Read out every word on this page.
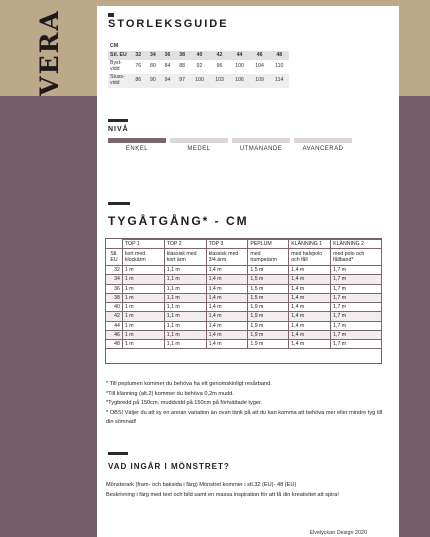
VERA	STORLEKSGUIDE
CM									
Stl. EU	32	34	36	38	40	42	44	46	48
Byst-vidd	76	80	84	88	92	96	100	104	110
Stuss-vidd	86	90	94	97	100	103	106	109	114
NIVÅ
ENKEL	MEDEL	UTMANANDE	AVANCERAD
TYGÅTGÅNG* - CM
	TOP 1	TOP 2	TOP 3	PEPLUM	KLÄNNING 1	KLÄNNING 2
Stl. EU	kort med klockärm	klassisk med kort ärm	klassisk med 3/4 ärm	med trumpetärm	med halvpolo och fåll	med polo och fållband*
32	1 m	1,1 m	1,4 m	1,5 m	1,4 m	1,7 m
34	1 m	1,1 m	1,4 m	1,5 m	1,4 m	1,7 m
36	1 m	1,1 m	1,4 m	1,5 m	1,4 m	1,7 m
38	1 m	1,1 m	1,4 m	1,5 m	1,4 m	1,7 m
40	1 m	1,1 m	1,4 m	1,9 m	1,4 m	1,7 m
42	1 m	1,1 m	1,4 m	1,9 m	1,4 m	1,7 m
44	1 m	1,1 m	1,4 m	1,9 m	1,4 m	1,7 m
46	1 m	1,1 m	1,4 m	1,9 m	1,4 m	1,7 m
48	1 m	1,1 m	1,4 m	1,9 m	1,4 m	1,7 m

* Till peplumen kommer du behöva ha ett genomskinligt resårband.

*Till klänning (alt.2) kommer du behöva 0,2m mudd.

*Tygbredd på 150cm, muddvidd på 150cm på förtvättade tyger.

* OBS! Väljer du att sy en annan variation än ovan tänk på att du kan komma att behöva mer eller mindre tyg till din sömnad!

VAD INGÅR I MÖNSTRET?

Mönsterark (fram- och baksida i färg) Mönstret kommer i stl.32 (EU)- 48 (EU)

Beskrivning i färg med text och bild samt en massa inspiration för att få din kreativitet att spira!

Elvelyckan Design 2020
